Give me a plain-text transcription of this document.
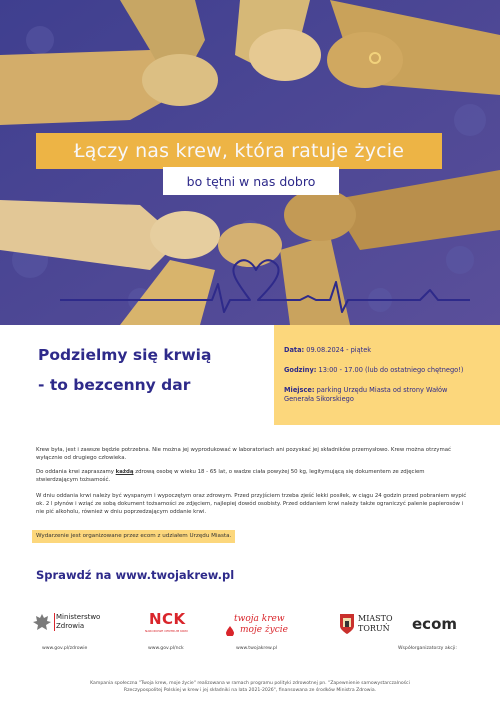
Łączy nas krew, która ratuje życie
bo tętni w nas dobro
Podzielmy się krwią
- to bezcenny dar
Data: 09.08.2024 - piątek
Godziny: 13:00 - 17.00 (lub do ostatniego chętnego!)
Miejsce: parking Urzędu Miasta od strony Wałów
Generała Sikorskiego
Krew była, jest i zawsze będzie potrzebna. Nie można jej wyprodukować w laboratoriach ani pozyskać jej składników przemysłowo. Krew można otrzymać wyłącznie od drugiego człowieka.
Do oddania krwi zapraszamy każdą zdrową osobę w wieku 18 - 65 lat, o wadze ciała powyżej 50 kg, legitymującą się dokumentem ze zdjęciem stwierdzającym tożsamość.
W dniu oddania krwi należy być wyspanym i wypoczętym oraz zdrowym. Przed przyjściem trzeba zjeść lekki posiłek, w ciągu 24 godzin przed pobraniem wypić ok. 2 l płynów i wziąć ze sobą dokument tożsamości ze zdjęciem, najlepiej dowód osobisty. Przed oddaniem krwi należy także ograniczyć palenie papierosów i nie pić alkoholu, również w dniu poprzedzającym oddanie krwi.
Wydarzenie jest organizowane przez ecom z udziałem Urzędu Miasta.
Sprawdź na www.twojakrew.pl
Ministerstwo
Zdrowia
www.gov.pl/zdrowie
NCK
NARODOWE CENTRUM KRWI
www.gov.pl/nck
twoja krew
moje życie
www.twojakrew.pl
MIASTO
TORUŃ ecom
Współorganizatorzy akcji:
Kampania społeczna "Twoja krew, moje życie" realizowana w ramach programu polityki zdrowotnej pn. "Zapewnienie samowystarczalności
Rzeczypospolitej Polskiej w krew i jej składniki na lata 2021-2026", finansowana ze środków Ministra Zdrowia.
